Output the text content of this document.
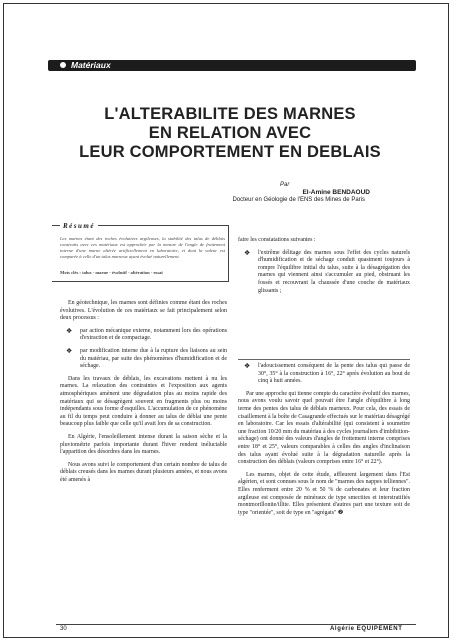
Matériaux
L'ALTERABILITE DES MARNES
EN RELATION AVEC
LEUR COMPORTEMENT EN DEBLAIS
Par
El-Amine BENDAOUD
Docteur en Géologie de l'ENS des Mines de Paris
Résumé
Les marnes étant des roches évolutives argileuses, la stabilité des talus de déblais construits avec ces matériaux est approchée par la mesure de l'angle de frottement interne d'une marne altérée artificiellement en laboratoire, et dont la valeur est comparée à celle d'un talus marneux ayant évolué naturellement.
Mots clés : talus - marne - évolutif - altération - essai

En géotechnique, les marnes sont définies comme étant des roches évolutives. L'évolution de ces matériaux se fait principalement selon deux processus :

❖ par action mécanique externe, notamment lors des opérations d'extraction et de compactage.
❖ par modification interne due à la rupture des liaisons au sein du matériau, par suite des phénomènes d'humidification et de séchage.

Dans les travaux de déblais, les excavations mettent à nu les marnes. La relaxation des contraintes et l'exposition aux agents atmosphériques amènent une dégradation plus au moins rapide des matériaux qui se désagrègent souvent en fragments plus ou moins indépendants sous forme d'esquilles. L'accumulation de ce phénomène au fil du temps peut conduire à donner au talus de déblai une pente beaucoup plus faible que celle qu'il avait lors de sa construction.

En Algérie, l'ensoleillement intense durant la saison sèche et la pluviométrie parfois importante durant l'hiver rendent inéluctable l'apparition des désordres dans les marnes.

Nous avons suivi le comportement d'un certain nombre de talus de déblais creusés dans les marnes durant plusieurs années, et nous avons été amenés à

faire les constatations suivantes :

❖ l'extrême délitage des marnes sous l'effet des cycles naturels d'humidification et de séchage conduit quasiment toujours à rompre l'équilibre initial du talus, suite à la désagrégation des marnes qui viennent ainsi s'accumuler au pied, obstruant les fossés et recouvrant la chaussée d'une couche de matériaux glissants ;
❖ l'adoucissement conséquent de la pente des talus qui passe de 30°, 35° à la construction à 16°, 22° après évolution au bout de cinq à huit années.

Par une approche qui tienne compte du caractère évolutif des marnes, nous avons voulu savoir quel pouvait être l'angle d'équilibre à long terme des pentes des talus de déblais marneux. Pour cela, des essais de cisaillement à la boîte de Casagrande effectués sur le matériau désagrégé en laboratoire. Car les essais d'altérabilité (qui consistent à soumettre une fraction 10/20 mm du matériau à des cycles journaliers d'imbibition-séchage) ont donné des valeurs d'angles de frottement interne comprises entre 18° et 25°, valeurs comparables à celles des angles d'inclinaison des talus ayant évolué suite à la dégradation naturelle après la construction des déblais (valeurs comprises entre 16° et 22°).

Les marnes, objet de cette étude, affleurent largement dans l'Est algérien, et sont connues sous le nom de "marnes des nappes telliennes". Elles renferment entre 20 % et 50 % de carbonates et leur fraction argileuse est composée de minéraux de type smectites et interstratifiés montmorillonite/illite. Elles présentent d'autres part une texture soit de type "orientée", soit de type en "agrégats" ❷

30	Algérie EQUIPEMENT
